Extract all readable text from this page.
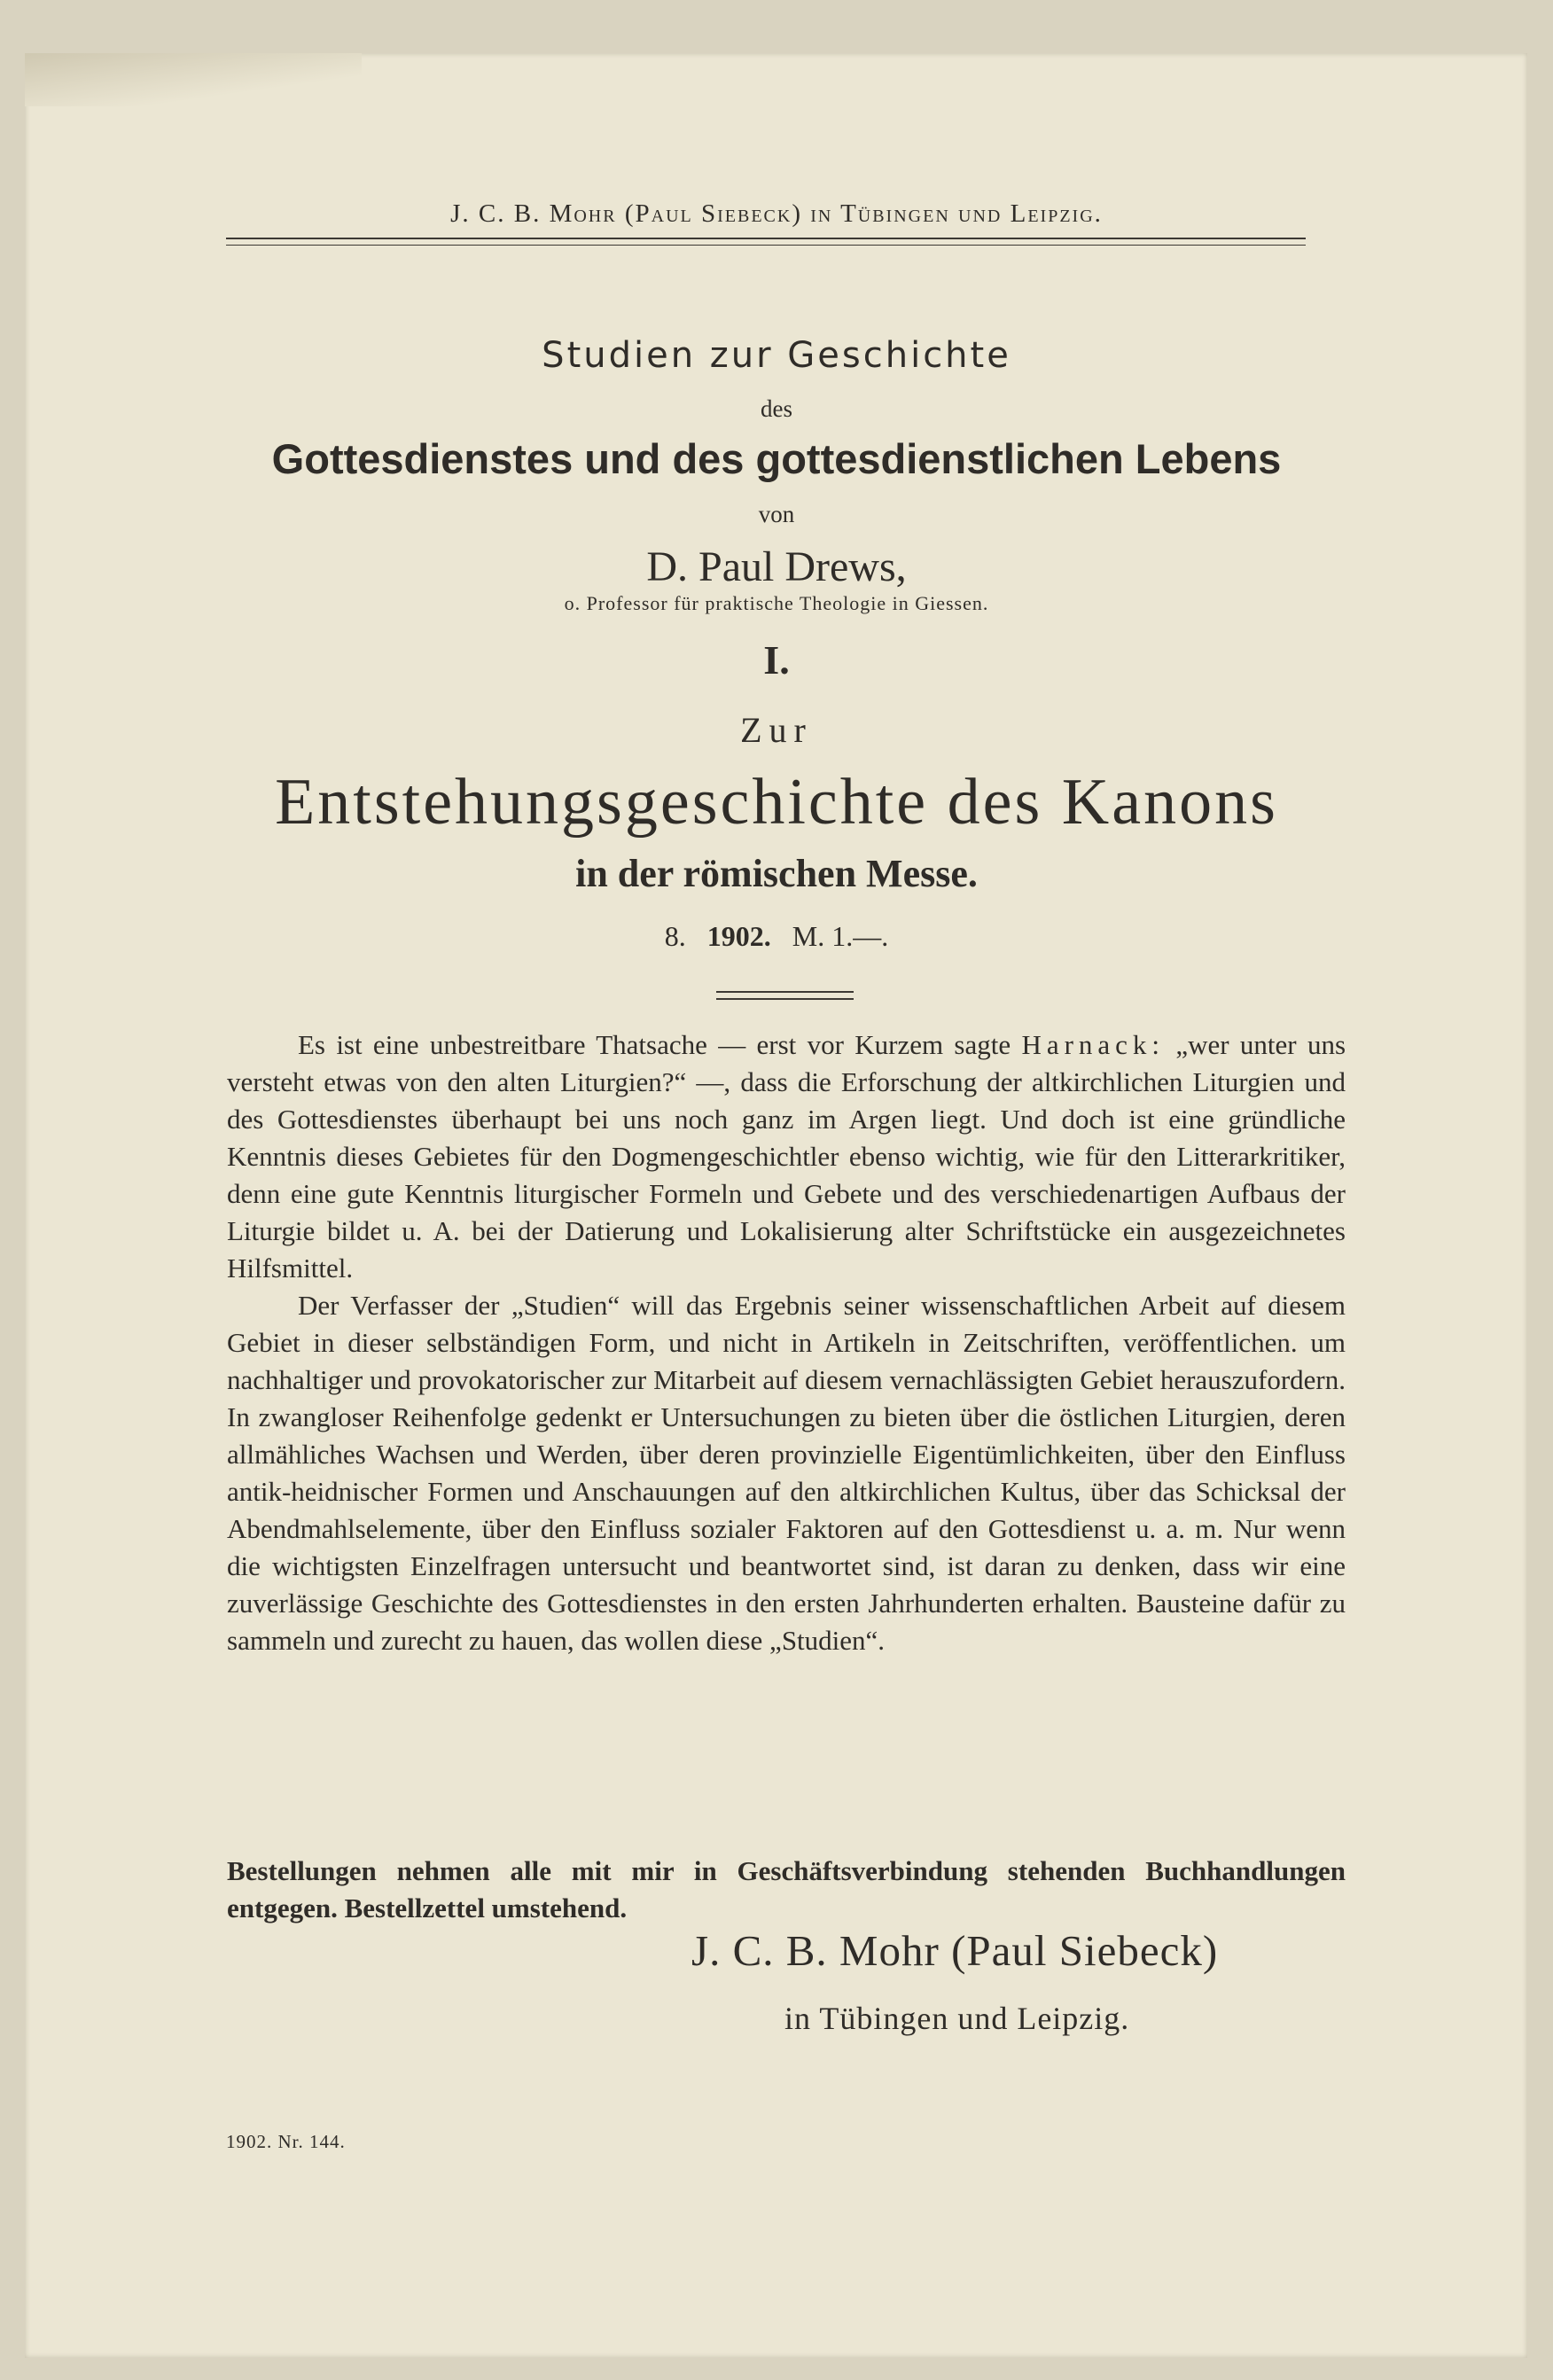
J. C. B. Mohr (Paul Siebeck) in Tübingen und Leipzig.
Studien zur Geschichte
des
Gottesdienstes und des gottesdienstlichen Lebens
von
D. Paul Drews,
o. Professor für praktische Theologie in Giessen.
I.
Zur
Entstehungsgeschichte des Kanons
in der römischen Messe.
8. 1902. M. 1.—.

Es ist eine unbestreitbare Thatsache — erst vor Kurzem sagte Harnack: „wer unter uns versteht etwas von den alten Liturgien?“ —, dass die Erforschung der altkirchlichen Liturgien und des Gottesdienstes überhaupt bei uns noch ganz im Argen liegt. Und doch ist eine gründliche Kenntnis dieses Gebietes für den Dogmengeschichtler ebenso wichtig, wie für den Litterarkritiker, denn eine gute Kenntnis liturgischer Formeln und Gebete und des verschiedenartigen Aufbaus der Liturgie bildet u. A. bei der Datierung und Lokalisierung alter Schriftstücke ein ausgezeichnetes Hilfsmittel.

Der Verfasser der „Studien“ will das Ergebnis seiner wissenschaftlichen Arbeit auf diesem Gebiet in dieser selbständigen Form, und nicht in Artikeln in Zeitschriften, veröffentlichen. um nachhaltiger und provokatorischer zur Mitarbeit auf diesem vernachlässigten Gebiet herauszufordern. In zwangloser Reihenfolge gedenkt er Untersuchungen zu bieten über die östlichen Liturgien, deren allmähliches Wachsen und Werden, über deren provinzielle Eigentümlichkeiten, über den Einfluss antik-heidnischer Formen und Anschauungen auf den altkirchlichen Kultus, über das Schicksal der Abendmahlselemente, über den Einfluss sozialer Faktoren auf den Gottesdienst u. a. m. Nur wenn die wichtigsten Einzelfragen untersucht und beantwortet sind, ist daran zu denken, dass wir eine zuverlässige Geschichte des Gottesdienstes in den ersten Jahrhunderten erhalten. Bausteine dafür zu sammeln und zurecht zu hauen, das wollen diese „Studien“.

Bestellungen nehmen alle mit mir in Geschäftsverbindung stehenden Buchhandlungen entgegen. Bestellzettel umstehend.

J. C. B. Mohr (Paul Siebeck)
in Tübingen und Leipzig.
1902. Nr. 144.
